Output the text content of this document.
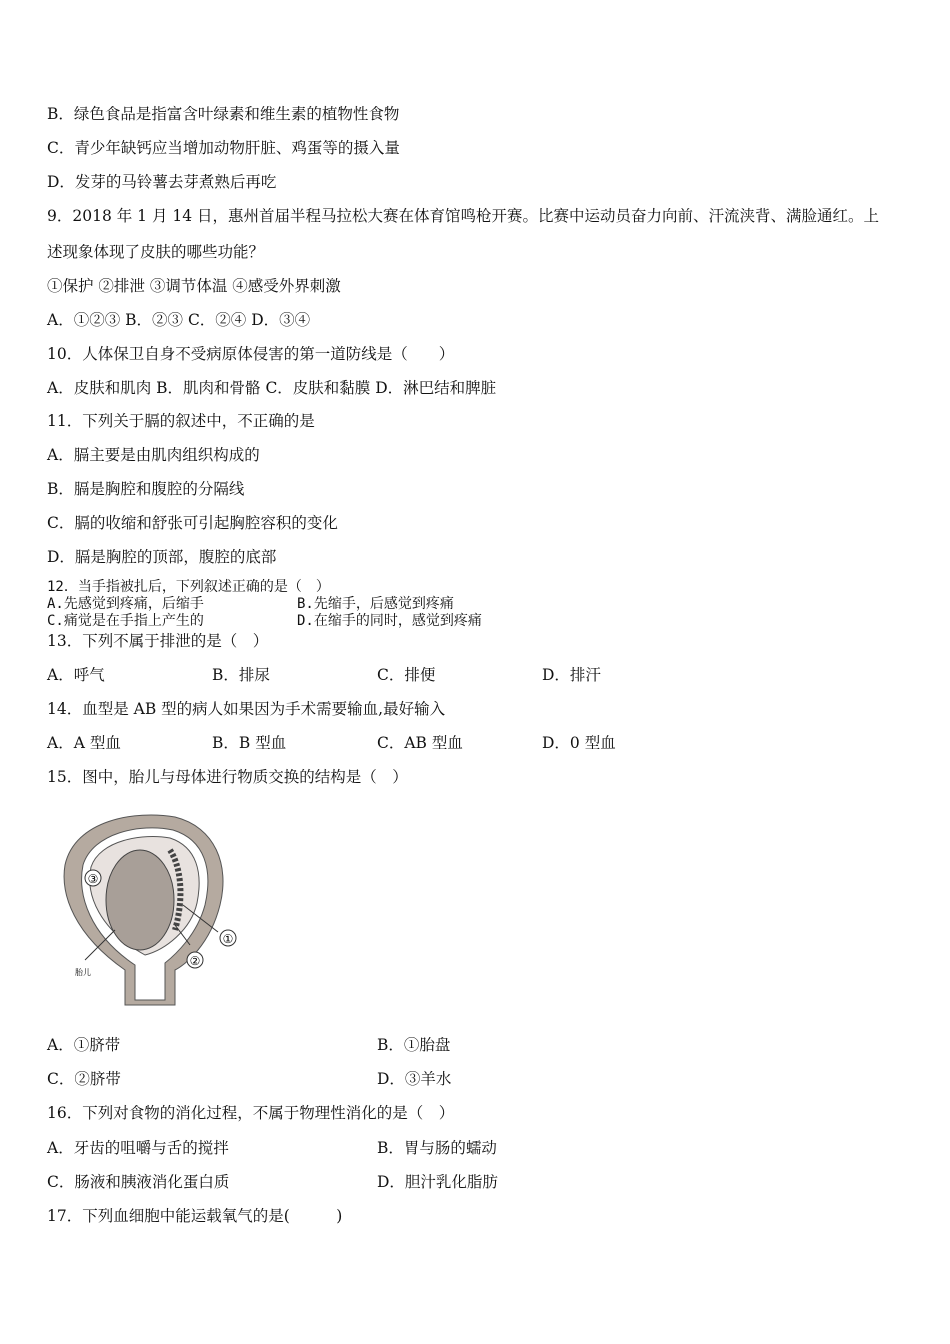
B．绿色食品是指富含叶绿素和维生素的植物性食物
C．青少年缺钙应当增加动物肝脏、鸡蛋等的摄入量
D．发芽的马铃薯去芽煮熟后再吃
9．2018 年 1 月 14 日，惠州首届半程马拉松大赛在体育馆鸣枪开赛。比赛中运动员奋力向前、汗流浃背、满脸通红。上
述现象体现了皮肤的哪些功能？
①保护 ②排泄 ③调节体温 ④感受外界刺激
A．①②③ B．②③ C．②④ D．③④
10．人体保卫自身不受病原体侵害的第一道防线是（　　）
A．皮肤和肌肉 B．肌肉和骨骼 C．皮肤和黏膜 D．淋巴结和脾脏
11．下列关于膈的叙述中，不正确的是
A．膈主要是由肌肉组织构成的
B．膈是胸腔和腹腔的分隔线
C．膈的收缩和舒张可引起胸腔容积的变化
D．膈是胸腔的顶部，腹腔的底部
12．当手指被扎后，下列叙述正确的是（　）
A.先感觉到疼痛，后缩手	B.先缩手，后感觉到疼痛
C.痛觉是在手指上产生的	D.在缩手的同时，感觉到疼痛
13．下列不属于排泄的是（　）
A．呼气	B．排尿	C．排便	D．排汗
14．血型是 AB 型的病人如果因为手术需要输血,最好输入
A．A 型血	B．B 型血	C．AB 型血	D．0 型血
15．图中，胎儿与母体进行物质交换的结构是（　）
①
②
③
胎儿
A．①脐带	B．①胎盘
C．②脐带	D．③羊水
16．下列对食物的消化过程，不属于物理性消化的是（　）
A．牙齿的咀嚼与舌的搅拌	B．胃与肠的蠕动
C．肠液和胰液消化蛋白质	D．胆汁乳化脂肪
17．下列血细胞中能运载氧气的是(　　　)
